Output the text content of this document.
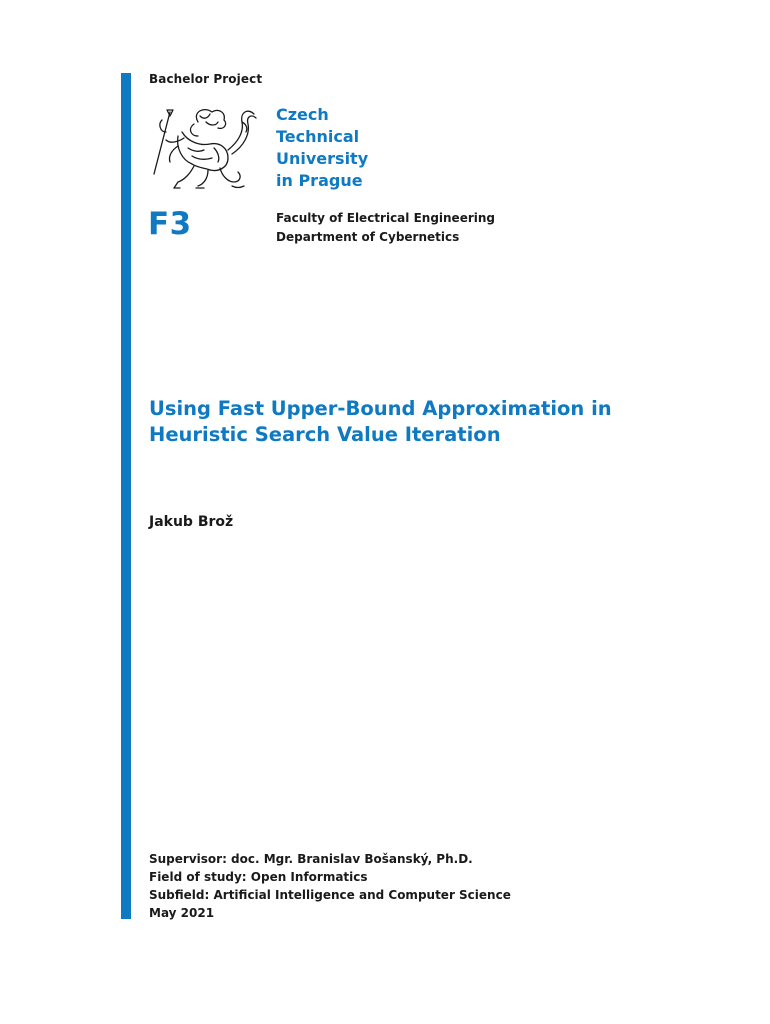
Bachelor Project
Czech
Technical
University
in Prague
F3	Faculty of Electrical Engineering
Department of Cybernetics
Using Fast Upper-Bound Approximation in
Heuristic Search Value Iteration
Jakub Brož
Supervisor: doc. Mgr. Branislav Bošanský, Ph.D.
Field of study: Open Informatics
Subfield: Artificial Intelligence and Computer Science
May 2021
